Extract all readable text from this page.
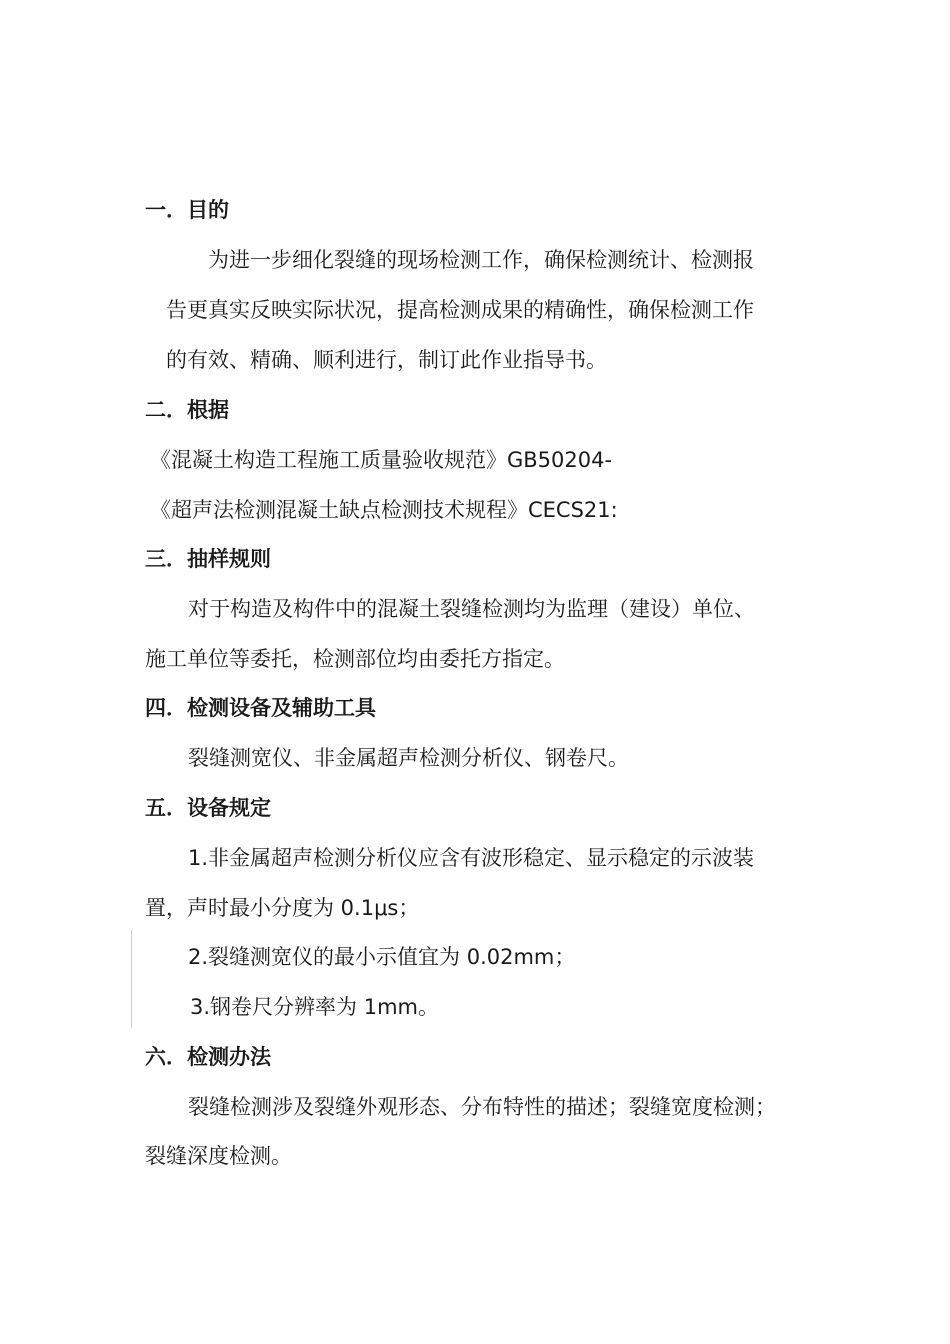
一．目的
为进一步细化裂缝的现场检测工作，确保检测统计、检测报
告更真实反映实际状况，提高检测成果的精确性，确保检测工作
的有效、精确、顺利进行，制订此作业指导书。
二．根据
《混凝土构造工程施工质量验收规范》GB50204-
《超声法检测混凝土缺点检测技术规程》CECS21:
三．抽样规则
对于构造及构件中的混凝土裂缝检测均为监理（建设）单位、
施工单位等委托，检测部位均由委托方指定。
四．检测设备及辅助工具
裂缝测宽仪、非金属超声检测分析仪、钢卷尺。
五．设备规定
1.非金属超声检测分析仪应含有波形稳定、显示稳定的示波装
置，声时最小分度为 0.1μs；
2.裂缝测宽仪的最小示值宜为 0.02mm；
3.钢卷尺分辨率为 1mm。
六．检测办法
裂缝检测涉及裂缝外观形态、分布特性的描述；裂缝宽度检测；
裂缝深度检测。
